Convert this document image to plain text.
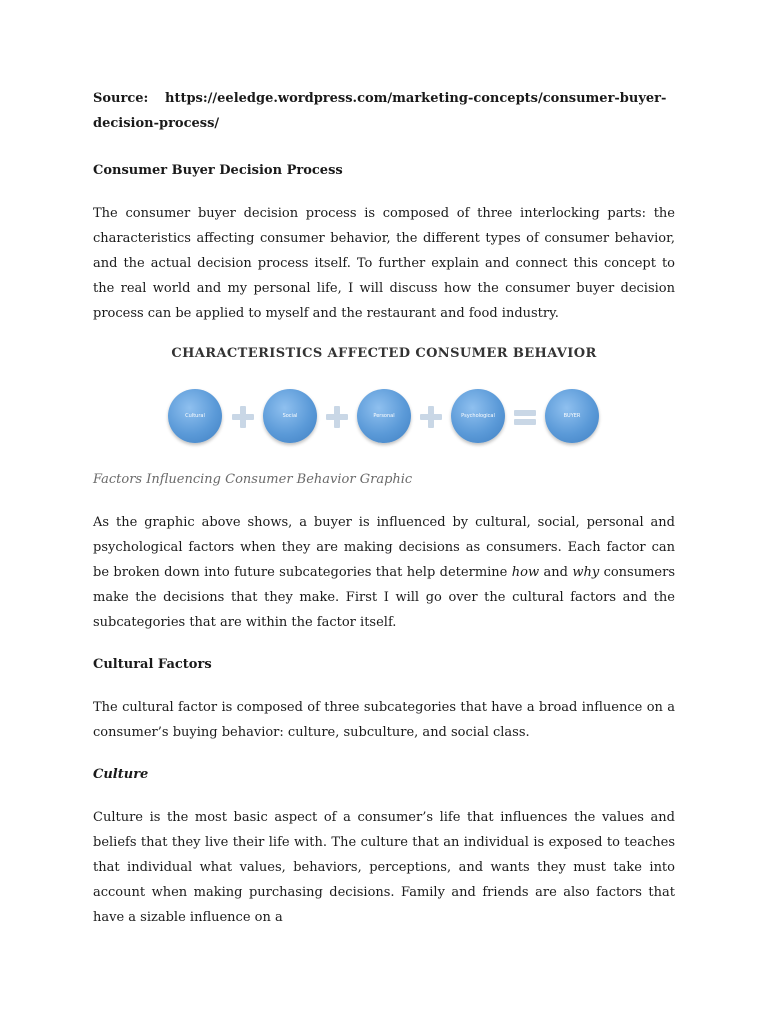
Source: https://eeledge.wordpress.com/marketing-concepts/consumer-buyer-decision-process/

Consumer Buyer Decision Process

The consumer buyer decision process is composed of three interlocking parts: the characteristics affecting consumer behavior, the different types of consumer behavior, and the actual decision process itself. To further explain and connect this concept to the real world and my personal life, I will discuss how the consumer buyer decision process can be applied to myself and the restaurant and food industry.

CHARACTERISTICS AFFECTED CONSUMER BEHAVIOR

Cultural	Social	Personal	Psychological	BUYER

Factors Influencing Consumer Behavior Graphic

As the graphic above shows, a buyer is influenced by cultural, social, personal and psychological factors when they are making decisions as consumers. Each factor can be broken down into future subcategories that help determine how and why consumers make the decisions that they make. First I will go over the cultural factors and the subcategories that are within the factor itself.

Cultural Factors

The cultural factor is composed of three subcategories that have a broad influence on a consumer’s buying behavior: culture, subculture, and social class.

Culture

Culture is the most basic aspect of a consumer’s life that influences the values and beliefs that they live their life with. The culture that an individual is exposed to teaches that individual what values, behaviors, perceptions, and wants they must take into account when making purchasing decisions. Family and friends are also factors that have a sizable influence on a
